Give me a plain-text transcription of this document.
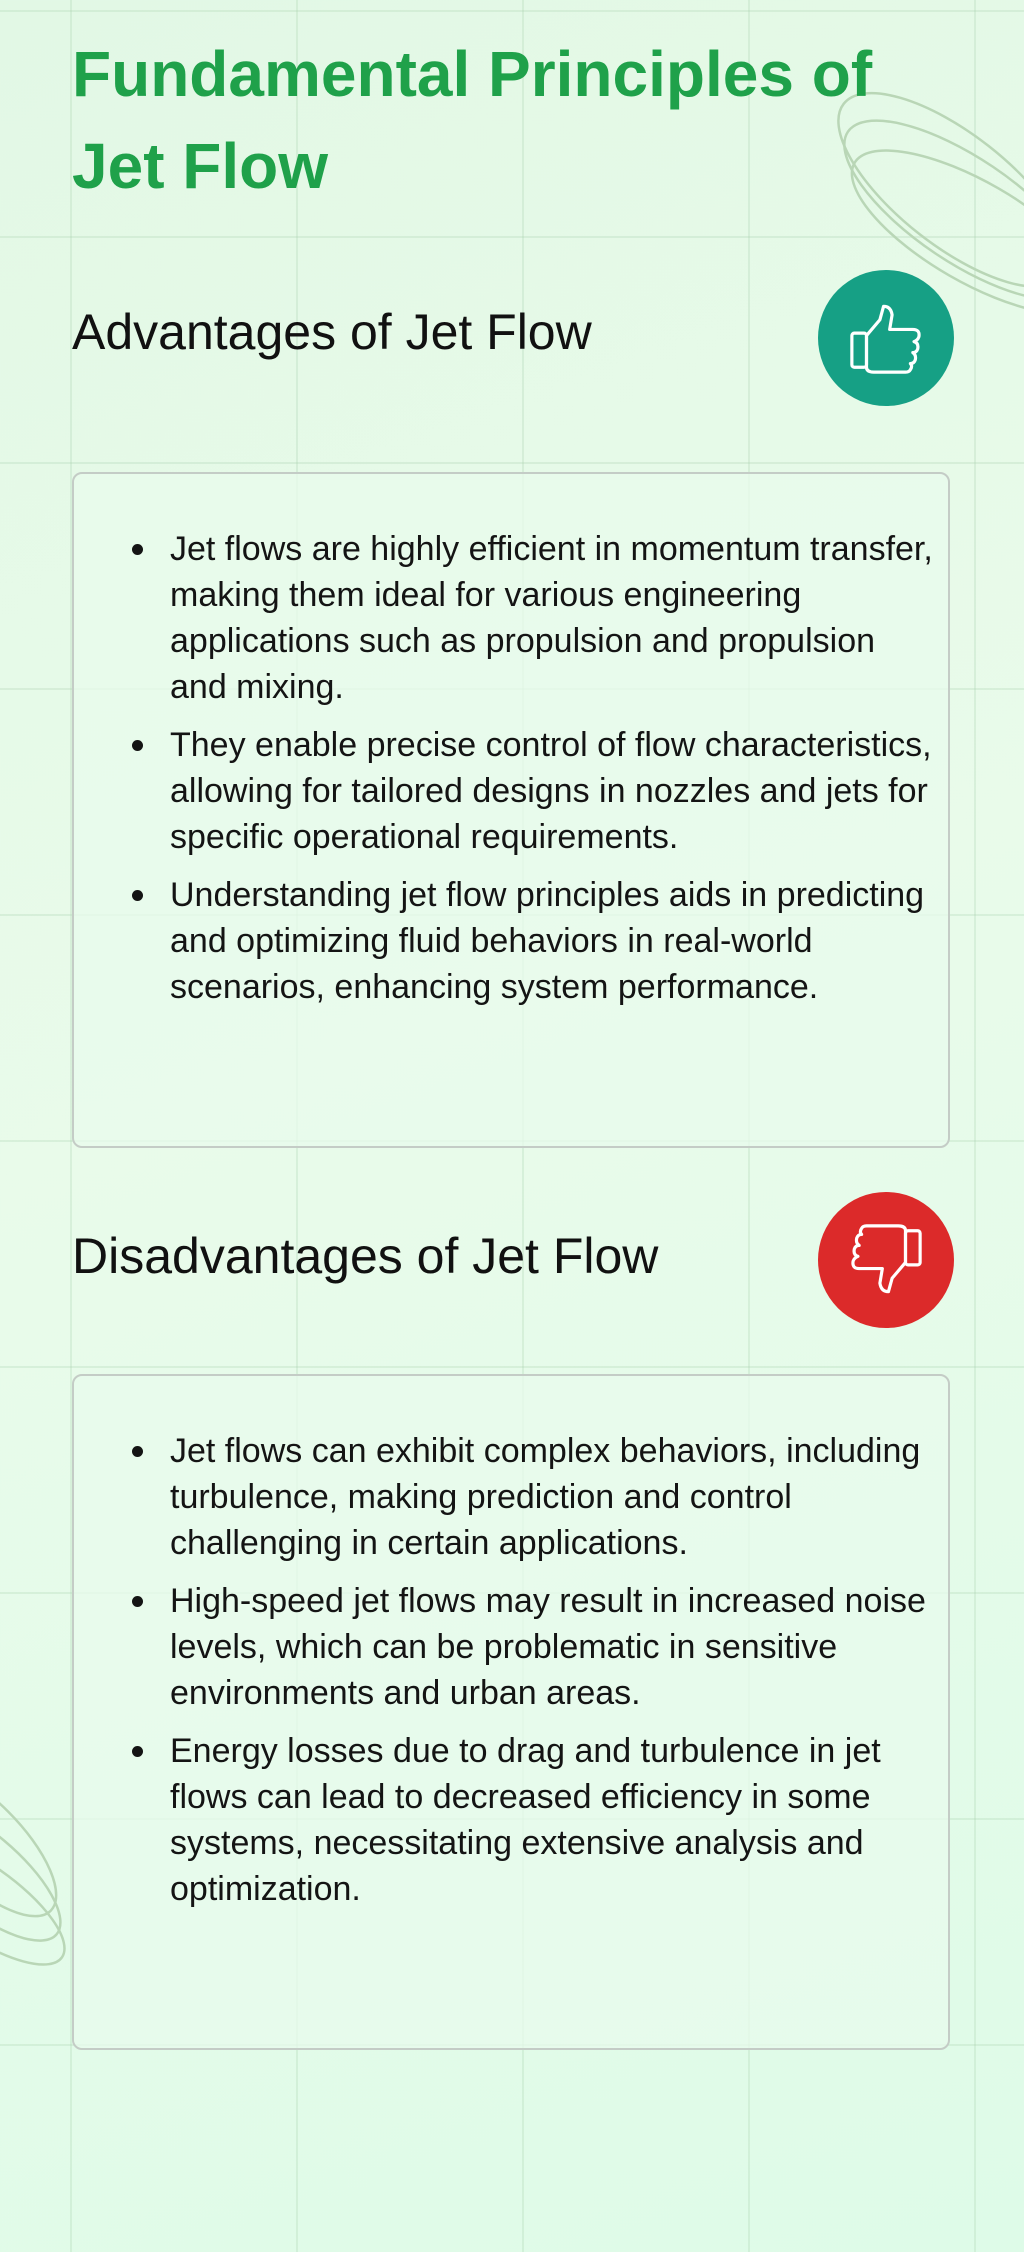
Fundamental Principles of Jet Flow
Advantages of Jet Flow
Jet flows are highly efficient in momentum transfer, making them ideal for various engineering applications such as propulsion and propulsion and mixing.
They enable precise control of flow characteristics, allowing for tailored designs in nozzles and jets for specific operational requirements.
Understanding jet flow principles aids in predicting and optimizing fluid behaviors in real-world scenarios, enhancing system performance.
Disadvantages of Jet Flow
Jet flows can exhibit complex behaviors, including turbulence, making prediction and control challenging in certain applications.
High-speed jet flows may result in increased noise levels, which can be problematic in sensitive environments and urban areas.
Energy losses due to drag and turbulence in jet flows can lead to decreased efficiency in some systems, necessitating extensive analysis and optimization.
